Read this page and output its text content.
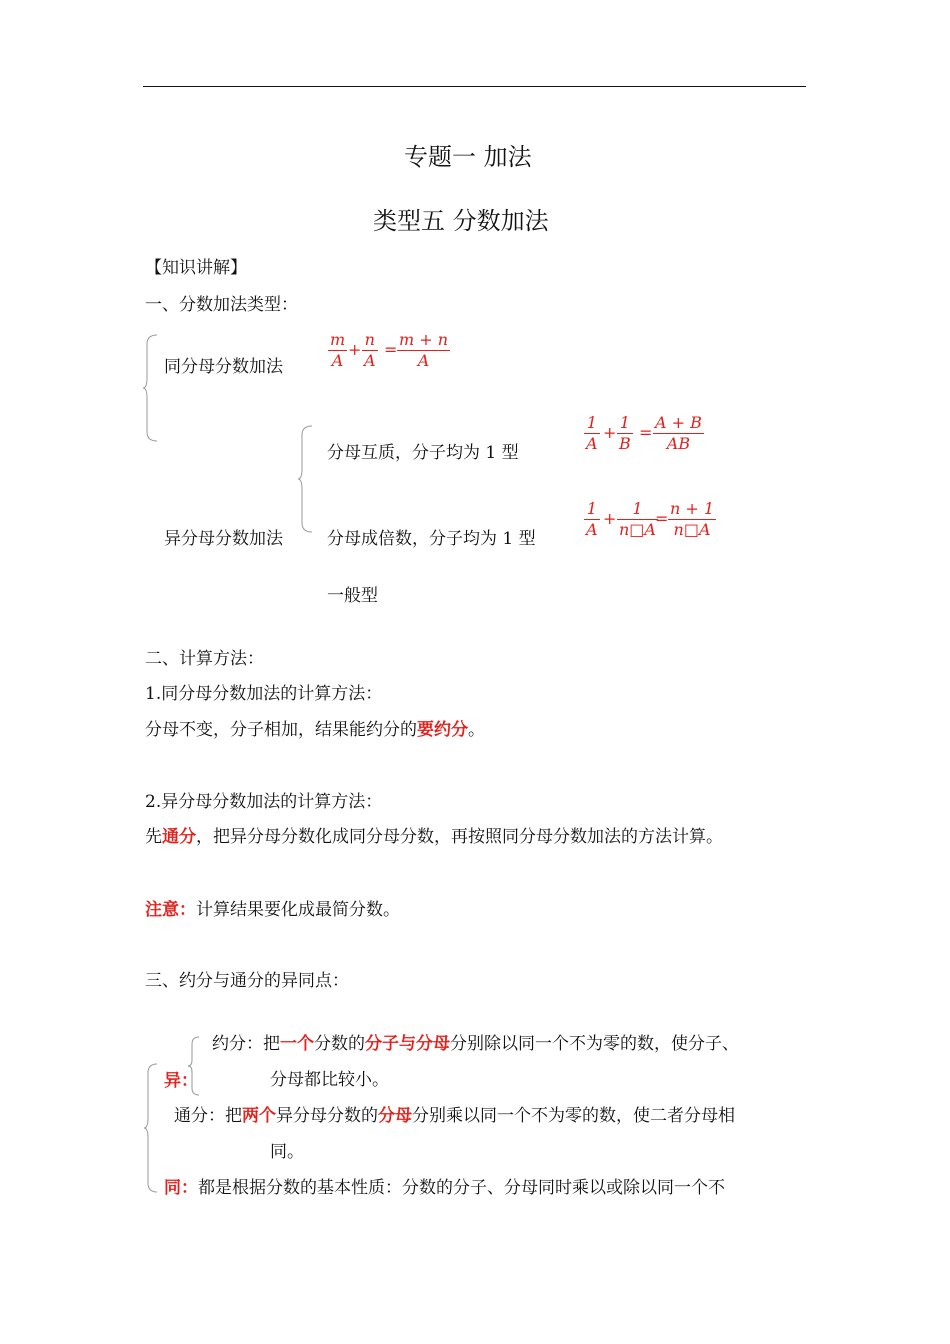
专题一 加法
类型五 分数加法
【知识讲解】
一、分数加法类型：
同分母分数加法
m
A
+
n
A
=
m + n
A
分母互质，分子均为 1 型
1
A
+
1
B
=
A + B
AB
异分母分数加法	分母成倍数，分子均为 1 型
1
A
+
1
n□A
=
n + 1
n□A
一般型
二、计算方法：
1.同分母分数加法的计算方法：
分母不变，分子相加，结果能约分的要约分。
2.异分母分数加法的计算方法：
先通分，把异分母分数化成同分母分数，再按照同分母分数加法的方法计算。
注意：计算结果要化成最简分数。
三、约分与通分的异同点：
异：
约分：把一个分数的分子与分母分别除以同一个不为零的数，使分子、
分母都比较小。
通分：把两个异分母分数的分母分别乘以同一个不为零的数，使二者分母相
同。
同：都是根据分数的基本性质：分数的分子、分母同时乘以或除以同一个不
